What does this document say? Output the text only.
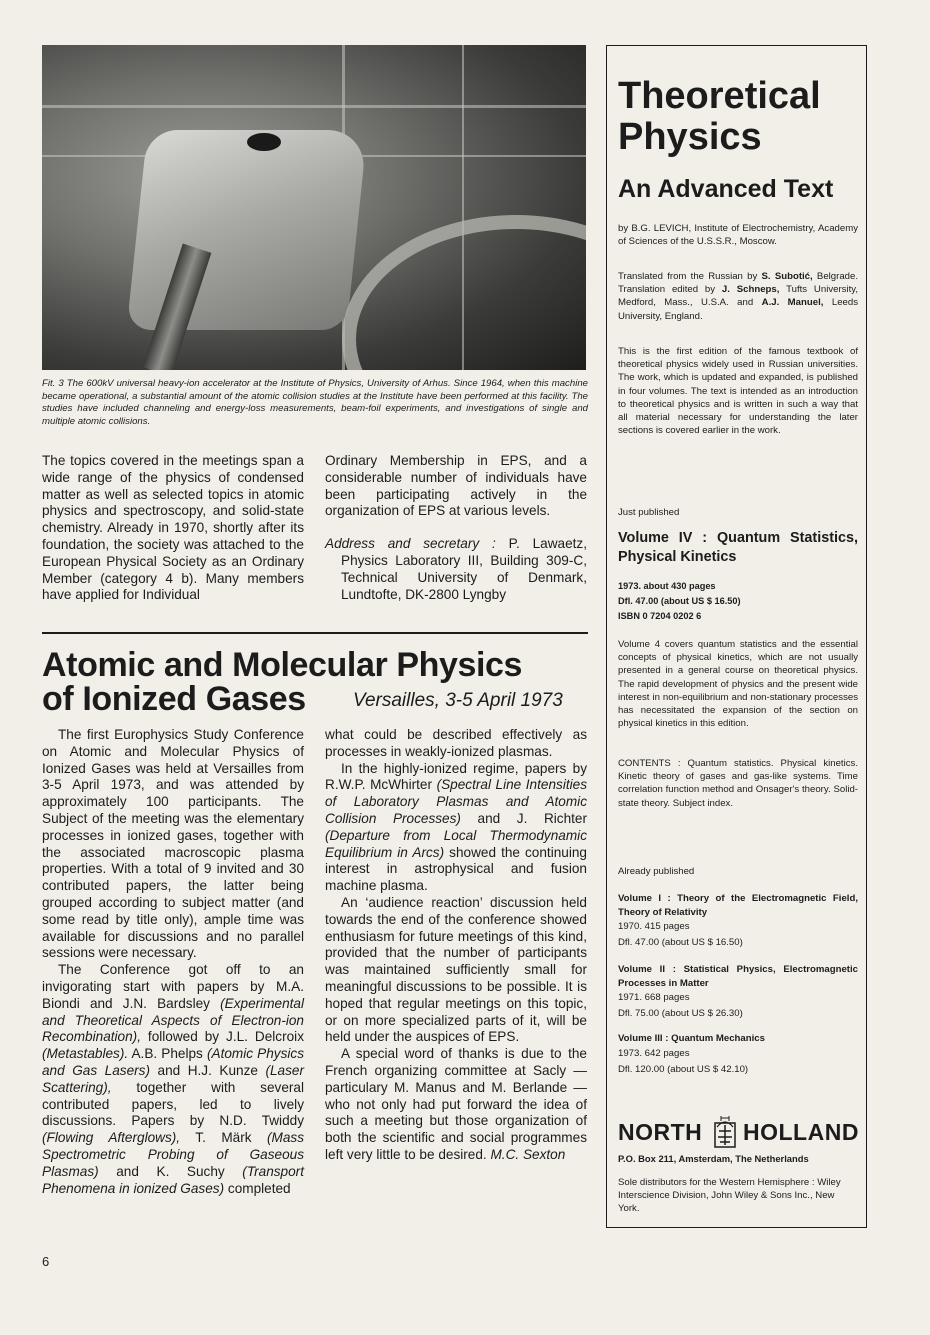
Fit. 3 The 600kV universal heavy-ion accelerator at the Institute of Physics, University of Arhus. Since 1964, when this machine became operational, a substantial amount of the atomic collision studies at the Institute have been performed at this facility. The studies have included channeling and energy-loss measurements, beam-foil experiments, and investigations of single and multiple atomic collisions.

The topics covered in the meetings span a wide range of the physics of condensed matter as well as selected topics in atomic physics and spectroscopy, and solid-state chemistry. Already in 1970, shortly after its foundation, the society was attached to the European Physical Society as an Ordinary Member (category 4 b). Many members have applied for Individual

Ordinary Membership in EPS, and a considerable number of individuals have been participating actively in the organization of EPS at various levels.

Address and secretary : P. Lawaetz, Physics Laboratory III, Building 309-C, Technical University of Denmark, Lundtofte, DK-2800 Lyngby

Atomic and Molecular Physics
of Ionized Gases	Versailles, 3-5 April 1973

The first Europhysics Study Conference on Atomic and Molecular Physics of Ionized Gases was held at Versailles from 3-5 April 1973, and was attended by approximately 100 participants. The Subject of the meeting was the elementary processes in ionized gases, together with the associated macroscopic plasma properties. With a total of 9 invited and 30 contributed papers, the latter being grouped according to subject matter (and some read by title only), ample time was available for discussions and no parallel sessions were necessary.

The Conference got off to an invigorating start with papers by M.A. Biondi and J.N. Bardsley (Experimental and Theoretical Aspects of Electron-ion Recombination), followed by J.L. Delcroix (Metastables). A.B. Phelps (Atomic Physics and Gas Lasers) and H.J. Kunze (Laser Scattering), together with several contributed papers, led to lively discussions. Papers by N.D. Twiddy (Flowing Afterglows), T. Märk (Mass Spectrometric Probing of Gaseous Plasmas) and K. Suchy (Transport Phenomena in ionized Gases) completed

what could be described effectively as processes in weakly-ionized plasmas.

In the highly-ionized regime, papers by R.W.P. McWhirter (Spectral Line Intensities of Laboratory Plasmas and Atomic Collision Processes) and J. Richter (Departure from Local Thermodynamic Equilibrium in Arcs) showed the continuing interest in astrophysical and fusion machine plasma.

An ‘audience reaction’ discussion held towards the end of the conference showed enthusiasm for future meetings of this kind, provided that the number of participants was maintained sufficiently small for meaningful discussions to be possible. It is hoped that regular meetings on this topic, or on more specialized parts of it, will be held under the auspices of EPS.

A special word of thanks is due to the French organizing committee at Sacly — particulary M. Manus and M. Berlande — who not only had put forward the idea of such a meeting but those organization of both the scientific and social programmes left very little to be desired. M.C. Sexton

Theoretical Physics
An Advanced Text
by B.G. LEVICH, Institute of Electrochemistry, Academy of Sciences of the U.S.S.R., Moscow.
Translated from the Russian by S. Subotić, Belgrade. Translation edited by J. Schneps, Tufts University, Medford, Mass., U.S.A. and A.J. Manuel, Leeds University, England.
This is the first edition of the famous textbook of theoretical physics widely used in Russian universities. The work, which is updated and expanded, is published in four volumes. The text is intended as an introduction to theoretical physics and is written in such a way that all material necessary for understanding the later sections is covered earlier in the work.
Just published
Volume IV : Quantum Statistics, Physical Kinetics
1973. about 430 pages
Dfl. 47.00 (about US $ 16.50)
ISBN 0 7204 0202 6
Volume 4 covers quantum statistics and the essential concepts of physical kinetics, which are not usually presented in a general course on theoretical physics. The rapid development of physics and the present wide interest in non-equilibrium and non-stationary processes has necessitated the expansion of the section on physical kinetics in this edition.
CONTENTS : Quantum statistics. Physical kinetics. Kinetic theory of gases and gas-like systems. Time correlation function method and Onsager's theory. Solid-state theory. Subject index.
Already published
Volume I : Theory of the Electromagnetic Field, Theory of Relativity
1970. 415 pages
Dfl. 47.00 (about US $ 16.50)
Volume II : Statistical Physics, Electromagnetic Processes in Matter
1971. 668 pages
Dfl. 75.00 (about US $ 26.30)
Volume III : Quantum Mechanics
1973. 642 pages
Dfl. 120.00 (about US $ 42.10)
NORTH HOLLAND
P.O. Box 211, Amsterdam, The Netherlands
Sole distributors for the Western Hemisphere : Wiley Interscience Division, John Wiley & Sons Inc., New York.
6
